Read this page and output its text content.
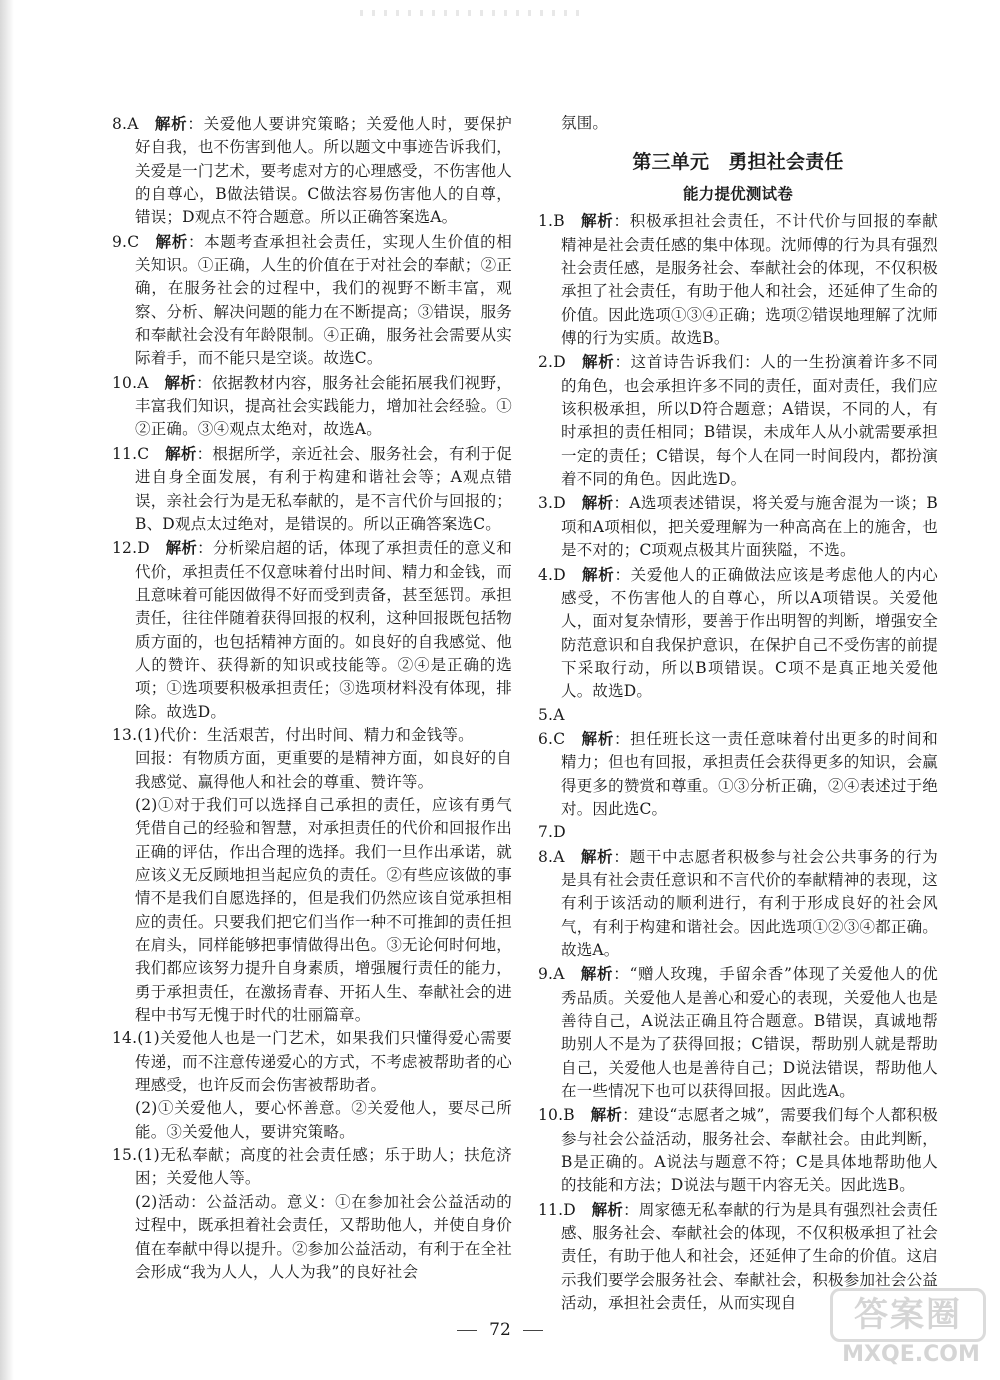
8.A  解析：关爱他人要讲究策略；关爱他人时，要保护好自我，也不伤害到他人。所以题文中事迹告诉我们，关爱是一门艺术，要考虑对方的心理感受，不伤害他人的自尊心，B做法错误。C做法容易伤害他人的自尊，错误；D观点不符合题意。所以正确答案选A。

9.C  解析：本题考查承担社会责任，实现人生价值的相关知识。①正确，人生的价值在于对社会的奉献；②正确，在服务社会的过程中，我们的视野不断丰富，观察、分析、解决问题的能力在不断提高；③错误，服务和奉献社会没有年龄限制。④正确，服务社会需要从实际着手，而不能只是空谈。故选C。

10.A  解析：依据教材内容，服务社会能拓展我们视野，丰富我们知识，提高社会实践能力，增加社会经验。①②正确。③④观点太绝对，故选A。

11.C  解析：根据所学，亲近社会、服务社会，有利于促进自身全面发展，有利于构建和谐社会等；A观点错误，亲社会行为是无私奉献的，是不言代价与回报的；B、D观点太过绝对，是错误的。所以正确答案选C。

12.D  解析：分析梁启超的话，体现了承担责任的意义和代价，承担责任不仅意味着付出时间、精力和金钱，而且意味着可能因做得不好而受到责备，甚至惩罚。承担责任，往往伴随着获得回报的权利，这种回报既包括物质方面的，也包括精神方面的。如良好的自我感觉、他人的赞许、获得新的知识或技能等。②④是正确的选项；①选项要积极承担责任；③选项材料没有体现，排除。故选D。

13.(1)代价：生活艰苦，付出时间、精力和金钱等。

回报：有物质方面，更重要的是精神方面，如良好的自我感觉、赢得他人和社会的尊重、赞许等。

(2)①对于我们可以选择自己承担的责任，应该有勇气凭借自己的经验和智慧，对承担责任的代价和回报作出正确的评估，作出合理的选择。我们一旦作出承诺，就应该义无反顾地担当起应负的责任。②有些应该做的事情不是我们自愿选择的，但是我们仍然应该自觉承担相应的责任。只要我们把它们当作一种不可推卸的责任担在肩头，同样能够把事情做得出色。③无论何时何地，我们都应该努力提升自身素质，增强履行责任的能力，勇于承担责任，在激扬青春、开拓人生、奉献社会的进程中书写无愧于时代的壮丽篇章。

14.(1)关爱他人也是一门艺术，如果我们只懂得爱心需要传递，而不注意传递爱心的方式，不考虑被帮助者的心理感受，也许反而会伤害被帮助者。

(2)①关爱他人，要心怀善意。②关爱他人，要尽己所能。③关爱他人，要讲究策略。

15.(1)无私奉献；高度的社会责任感；乐于助人；扶危济困；关爱他人等。

(2)活动：公益活动。意义：①在参加社会公益活动的过程中，既承担着社会责任，又帮助他人，并使自身价值在奉献中得以提升。②参加公益活动，有利于在全社会形成“我为人人，人人为我”的良好社会

氛围。

第三单元　勇担社会责任
能力提优测试卷

1.B  解析：积极承担社会责任，不计代价与回报的奉献精神是社会责任感的集中体现。沈师傅的行为具有强烈社会责任感，是服务社会、奉献社会的体现，不仅积极承担了社会责任，有助于他人和社会，还延伸了生命的价值。因此选项①③④正确；选项②错误地理解了沈师傅的行为实质。故选B。

2.D  解析：这首诗告诉我们：人的一生扮演着许多不同的角色，也会承担许多不同的责任，面对责任，我们应该积极承担，所以D符合题意；A错误，不同的人，有时承担的责任相同；B错误，未成年人从小就需要承担一定的责任；C错误，每个人在同一时间段内，都扮演着不同的角色。因此选D。

3.D  解析：A选项表述错误，将关爱与施舍混为一谈；B项和A项相似，把关爱理解为一种高高在上的施舍，也是不对的；C项观点极其片面狭隘，不选。

4.D  解析：关爱他人的正确做法应该是考虑他人的内心感受，不伤害他人的自尊心，所以A项错误。关爱他人，面对复杂情形，要善于作出明智的判断，增强安全防范意识和自我保护意识，在保护自己不受伤害的前提下采取行动，所以B项错误。C项不是真正地关爱他人。故选D。

5.A

6.C  解析：担任班长这一责任意味着付出更多的时间和精力；但也有回报，承担责任会获得更多的知识，会赢得更多的赞赏和尊重。①③分析正确，②④表述过于绝对。因此选C。

7.D

8.A  解析：题干中志愿者积极参与社会公共事务的行为是具有社会责任意识和不言代价的奉献精神的表现，这有利于该活动的顺利进行，有利于形成良好的社会风气，有利于构建和谐社会。因此选项①②③④都正确。故选A。

9.A  解析：“赠人玫瑰，手留余香”体现了关爱他人的优秀品质。关爱他人是善心和爱心的表现，关爱他人也是善待自己，A说法正确且符合题意。B错误，真诚地帮助别人不是为了获得回报；C错误，帮助别人就是帮助自己，关爱他人也是善待自己；D说法错误，帮助他人在一些情况下也可以获得回报。因此选A。

10.B  解析：建设“志愿者之城”，需要我们每个人都积极参与社会公益活动，服务社会、奉献社会。由此判断，B是正确的。A说法与题意不符；C是具体地帮助他人的技能和方法；D说法与题干内容无关。因此选B。

11.D  解析：周家德无私奉献的行为是具有强烈社会责任感、服务社会、奉献社会的体现，不仅积极承担了社会责任，有助于他人和社会，还延伸了生命的价值。这启示我们要学会服务社会、奉献社会，积极参加社会公益活动，承担社会责任，从而实现自

72	答案圈
MXQE.COM
